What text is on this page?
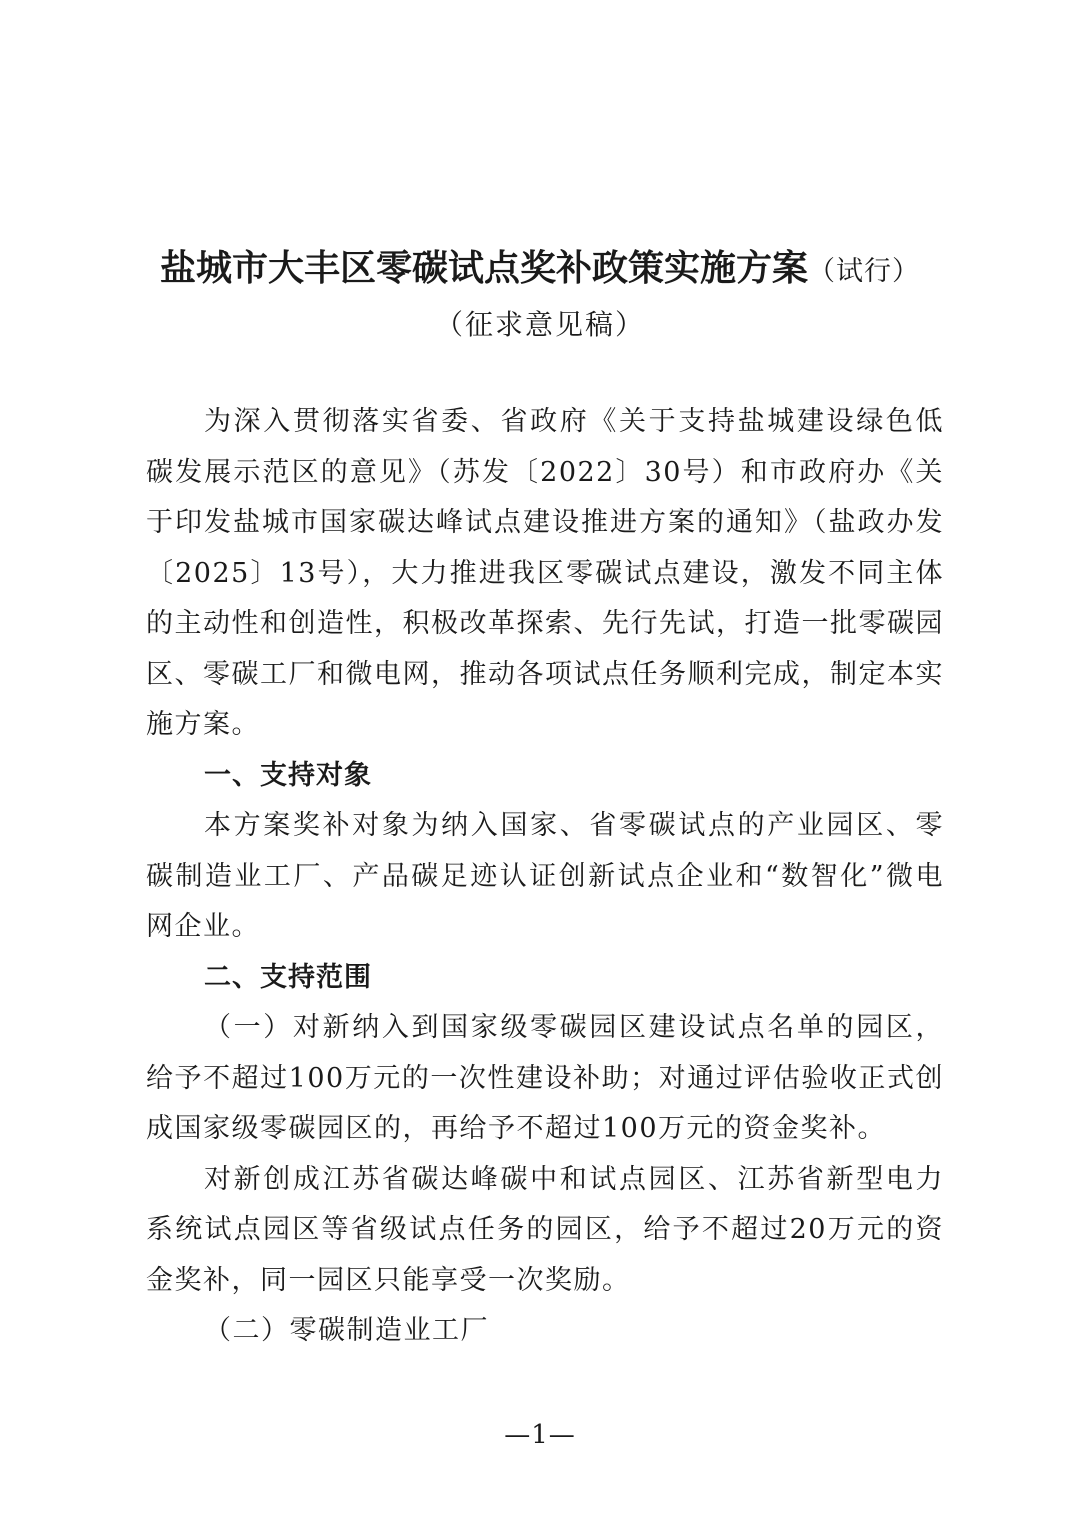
盐城市大丰区零碳试点奖补政策实施方案（试行）
（征求意见稿）

为深入贯彻落实省委、省政府《关于支持盐城建设绿色低碳发展示范区的意见》（苏发〔2022〕30号）和市政府办《关于印发盐城市国家碳达峰试点建设推进方案的通知》（盐政办发〔2025〕13号），大力推进我区零碳试点建设，激发不同主体的主动性和创造性，积极改革探索、先行先试，打造一批零碳园区、零碳工厂和微电网，推动各项试点任务顺利完成，制定本实施方案。

一、支持对象

本方案奖补对象为纳入国家、省零碳试点的产业园区、零碳制造业工厂、产品碳足迹认证创新试点企业和“数智化”微电网企业。

二、支持范围

（一）对新纳入到国家级零碳园区建设试点名单的园区，给予不超过100万元的一次性建设补助；对通过评估验收正式创成国家级零碳园区的，再给予不超过100万元的资金奖补。

对新创成江苏省碳达峰碳中和试点园区、江苏省新型电力系统试点园区等省级试点任务的园区，给予不超过20万元的资金奖补，同一园区只能享受一次奖励。

（二）零碳制造业工厂

—1—
